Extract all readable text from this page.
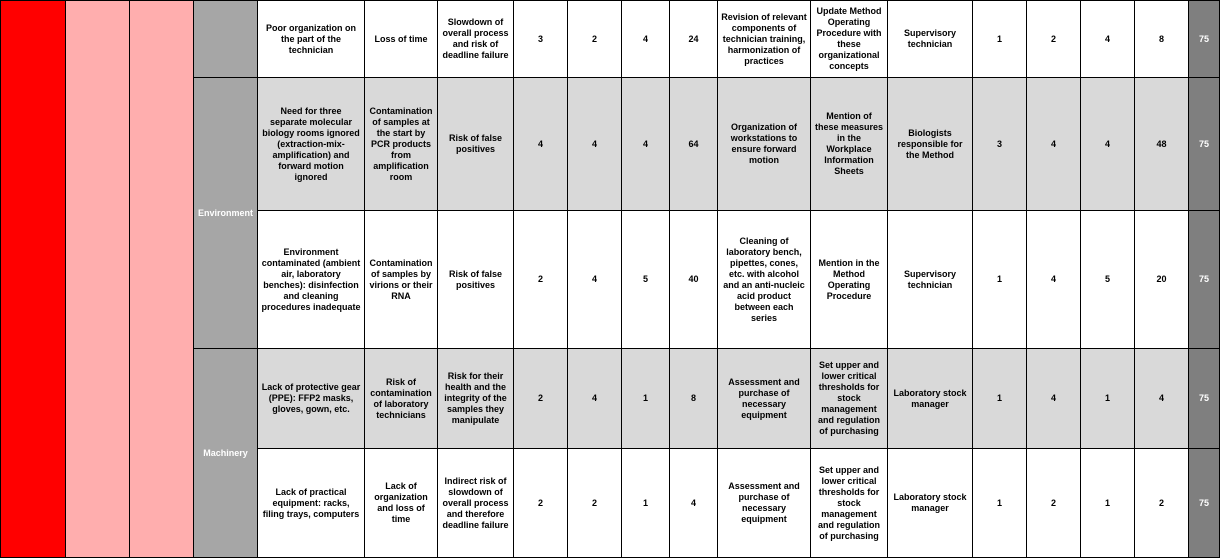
				Poor organization on the part of the technician	Loss of time	Slowdown of overall process and risk of deadline failure	3	2	4	24	Revision of relevant components of technician training, harmonization of practices	Update Method Operating Procedure with these organizational concepts	Supervisory technician	1	2	4	8	75
			Environment	Need for three separate molecular biology rooms ignored (extraction-mix-amplification) and forward motion ignored	Contamination of samples at the start by PCR products from amplification room	Risk of false positives	4	4	4	64	Organization of workstations to ensure forward motion	Mention of these measures in the Workplace Information Sheets	Biologists responsible for the Method	3	4	4	48	75
				Environment contaminated (ambient air, laboratory benches): disinfection and cleaning procedures inadequate	Contamination of samples by virions or their RNA	Risk of false positives	2	4	5	40	Cleaning of laboratory bench, pipettes, cones, etc. with alcohol and an anti-nucleic acid product between each series	Mention in the Method Operating Procedure	Supervisory technician	1	4	5	20	75
			Machinery	Lack of protective gear (PPE): FFP2 masks, gloves, gown, etc.	Risk of contamination of laboratory technicians	Risk for their health and the integrity of the samples they manipulate	2	4	1	8	Assessment and purchase of necessary equipment	Set upper and lower critical thresholds for stock management and regulation of purchasing	Laboratory stock manager	1	4	1	4	75
				Lack of practical equipment: racks, filing trays, computers	Lack of organization and loss of time	Indirect risk of slowdown of overall process and therefore deadline failure	2	2	1	4	Assessment and purchase of necessary equipment	Set upper and lower critical thresholds for stock management and regulation of purchasing	Laboratory stock manager	1	2	1	2	75
